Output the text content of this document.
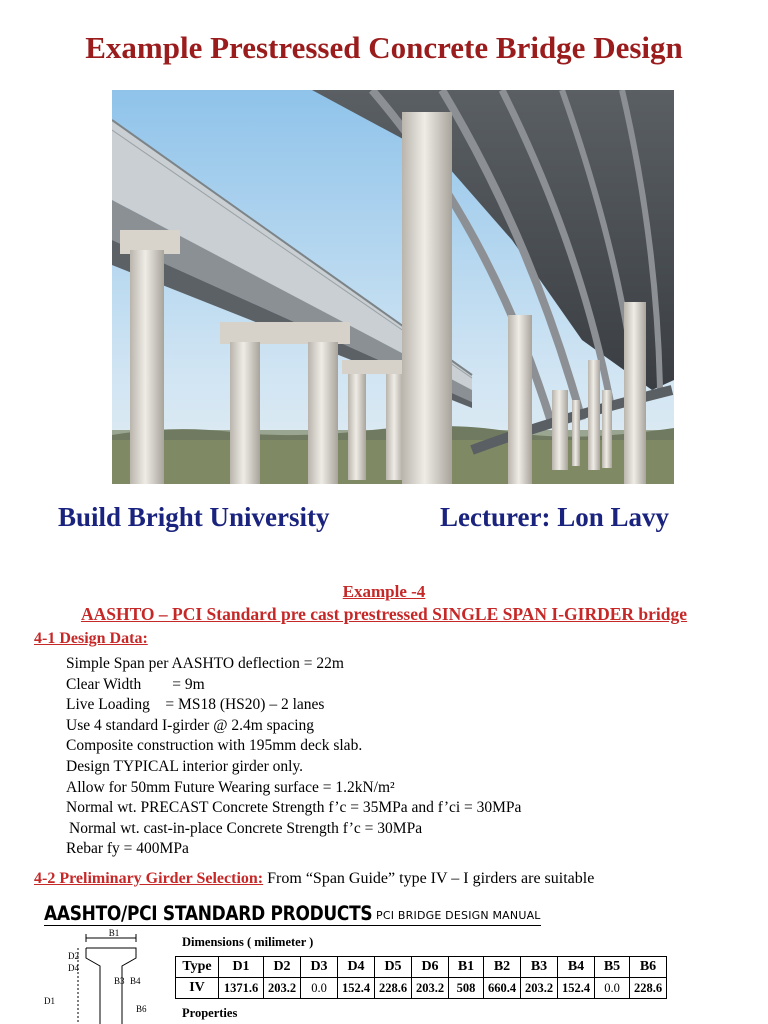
Example Prestressed Concrete Bridge Design
Build Bright University	Lecturer: Lon Lavy
Example -4
AASHTO – PCI Standard pre cast prestressed SINGLE SPAN I-GIRDER bridge
4-1 Design Data:
Simple Span per AASHTO deflection = 22m
Clear Width        = 9m
Live Loading    = MS18 (HS20) – 2 lanes
Use 4 standard I-girder @ 2.4m spacing
Composite construction with 195mm deck slab.
Design TYPICAL interior girder only.
Allow for 50mm Future Wearing surface = 1.2kN/m²
Normal wt. PRECAST Concrete Strength f’c = 35MPa and f’ci = 30MPa
Normal wt. cast-in-place Concrete Strength f’c = 30MPa
Rebar fy = 400MPa
4-2 Preliminary Girder Selection: From “Span Guide” type IV – I girders are suitable
AASHTO/PCI STANDARD PRODUCTS PCI BRIDGE DESIGN MANUAL
B1
D2
D4
B3 B4
D1
B6
Dimensions ( milimeter )
Type	D1	D2	D3	D4	D5	D6	B1	B2	B3	B4	B5	B6
IV	1371.6	203.2	0.0	152.4	228.6	203.2	508	660.4	203.2	152.4	0.0	228.6
Properties
